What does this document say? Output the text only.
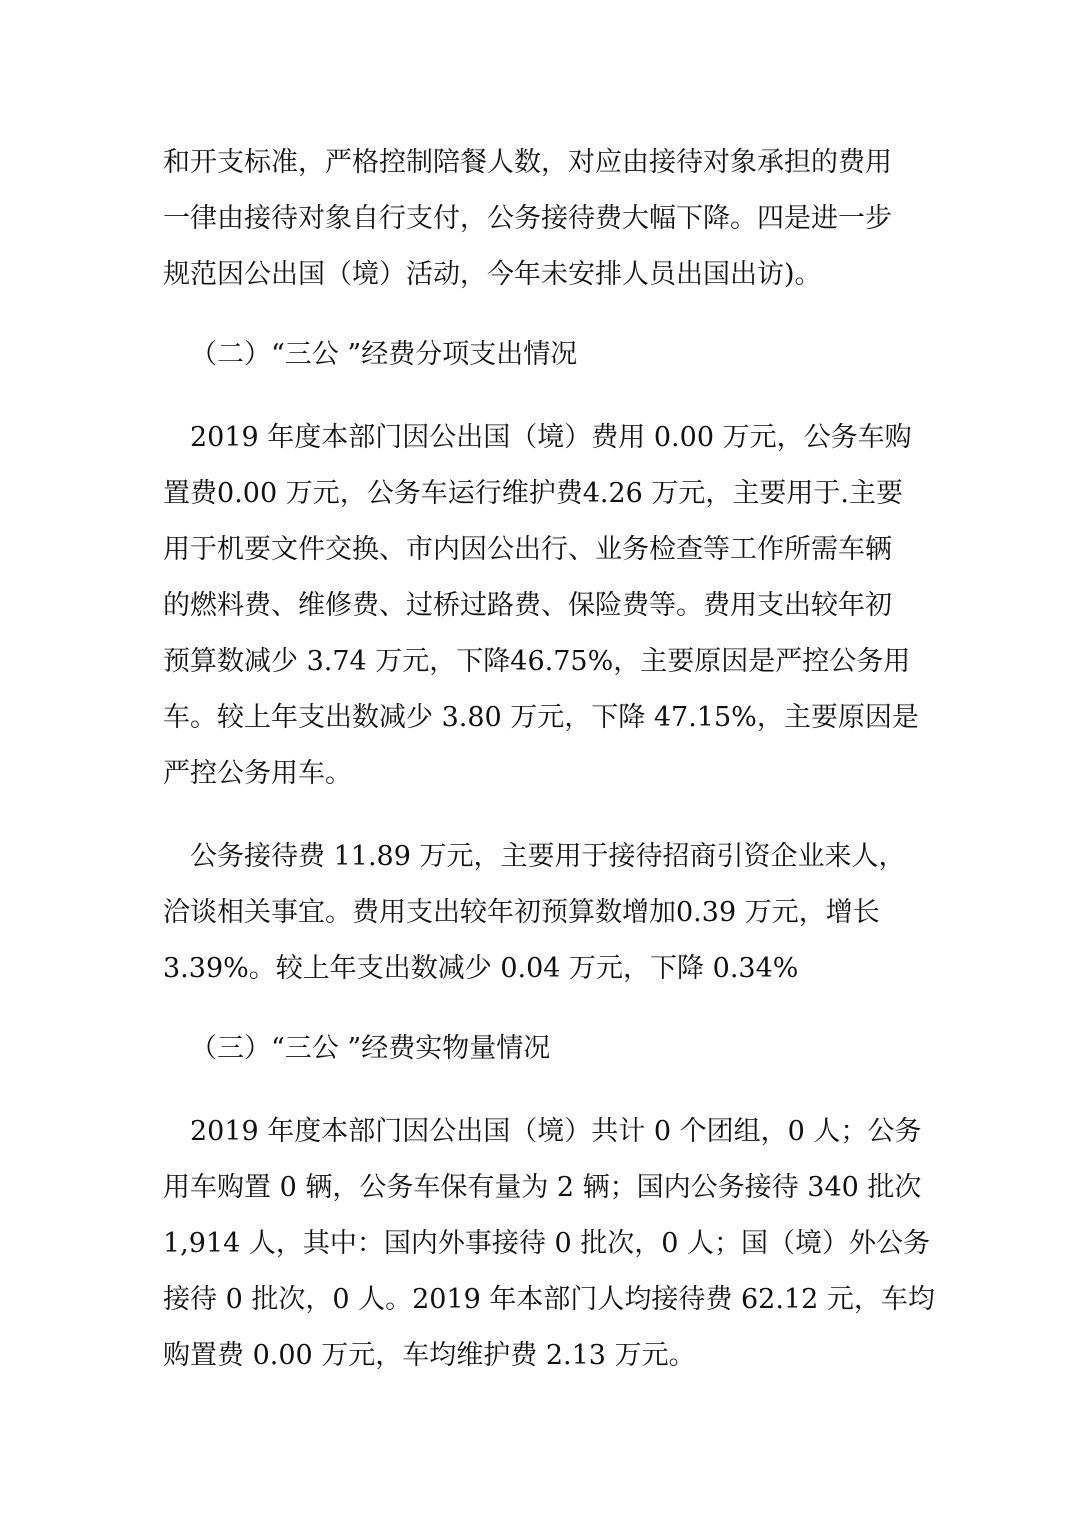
和开支标准，严格控制陪餐人数，对应由接待对象承担的费用
一律由接待对象自行支付，公务接待费大幅下降。四是进一步
规范因公出国（境）活动，今年未安排人员出国出访)。
（二）“三公 ”经费分项支出情况
2019 年度本部门因公出国（境）费用 0.00 万元，公务车购
置费0.00 万元，公务车运行维护费4.26 万元，主要用于.主要
用于机要文件交换、市内因公出行、业务检查等工作所需车辆
的燃料费、维修费、过桥过路费、保险费等。费用支出较年初
预算数减少 3.74 万元，下降46.75%，主要原因是严控公务用
车。较上年支出数减少 3.80 万元，下降 47.15%，主要原因是
严控公务用车。
公务接待费 11.89 万元，主要用于接待招商引资企业来人，
洽谈相关事宜。费用支出较年初预算数增加0.39 万元，增长
3.39%。较上年支出数减少 0.04 万元，下降 0.34%
（三）“三公 ”经费实物量情况
2019 年度本部门因公出国（境）共计 0 个团组，0 人；公务
用车购置 0 辆，公务车保有量为 2 辆；国内公务接待 340 批次
1,914 人，其中：国内外事接待 0 批次，0 人；国（境）外公务
接待 0 批次，0 人。2019 年本部门人均接待费 62.12 元，车均
购置费 0.00 万元，车均维护费 2.13 万元。
